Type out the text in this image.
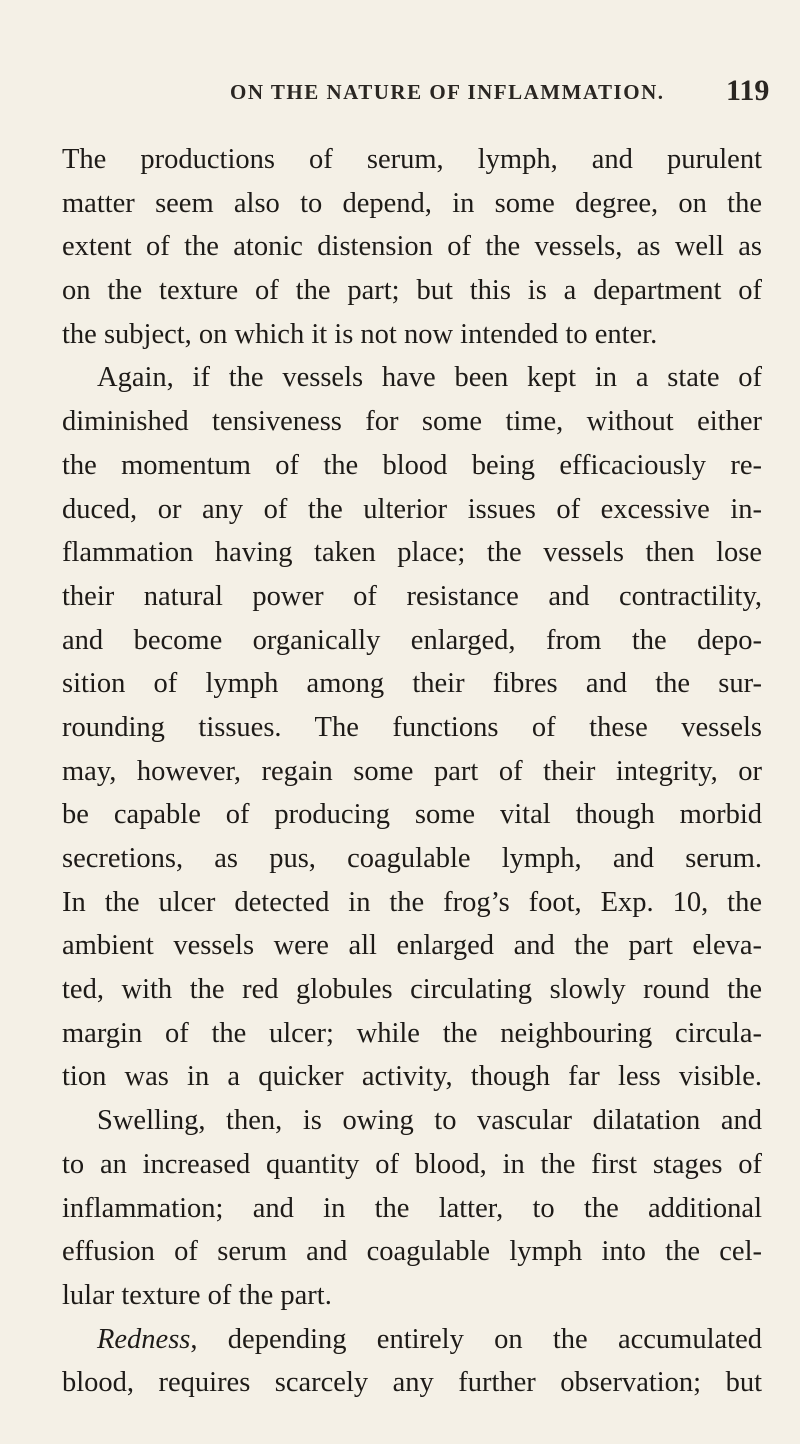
ON THE NATURE OF INFLAMMATION. 119
The productions of serum, lymph, and purulent
matter seem also to depend, in some degree, on the
extent of the atonic distension of the vessels, as well as
on the texture of the part; but this is a department of
the subject, on which it is not now intended to enter.
Again, if the vessels have been kept in a state of
diminished tensiveness for some time, without either
the momentum of the blood being efficaciously re-
duced, or any of the ulterior issues of excessive in-
flammation having taken place; the vessels then lose
their natural power of resistance and contractility,
and become organically enlarged, from the depo-
sition of lymph among their fibres and the sur-
rounding tissues. The functions of these vessels
may, however, regain some part of their integrity, or
be capable of producing some vital though morbid
secretions, as pus, coagulable lymph, and serum.
In the ulcer detected in the frog’s foot, Exp. 10, the
ambient vessels were all enlarged and the part eleva-
ted, with the red globules circulating slowly round the
margin of the ulcer; while the neighbouring circula-
tion was in a quicker activity, though far less visible.
Swelling, then, is owing to vascular dilatation and
to an increased quantity of blood, in the first stages of
inflammation; and in the latter, to the additional
effusion of serum and coagulable lymph into the cel-
lular texture of the part.
Redness, depending entirely on the accumulated
blood, requires scarcely any further observation; but
